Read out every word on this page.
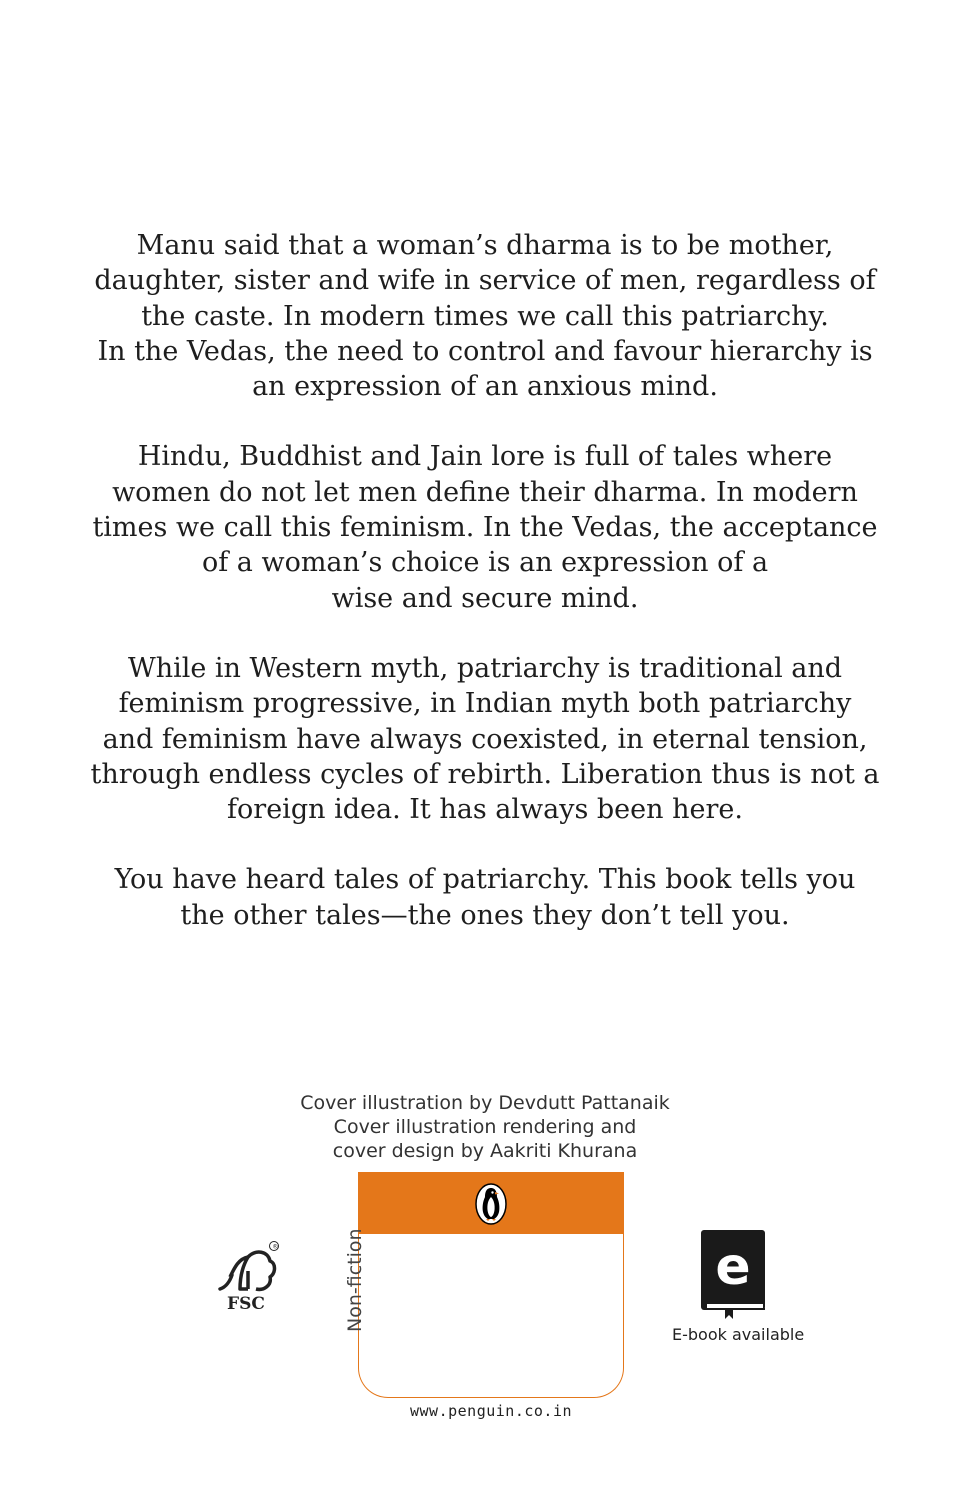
Manu said that a woman’s dharma is to be mother,
daughter, sister and wife in service of men, regardless of
the caste. In modern times we call this patriarchy.
In the Vedas, the need to control and favour hierarchy is
an expression of an anxious mind.

Hindu, Buddhist and Jain lore is full of tales where
women do not let men define their dharma. In modern
times we call this feminism. In the Vedas, the acceptance
of a woman’s choice is an expression of a
wise and secure mind.

While in Western myth, patriarchy is traditional and
feminism progressive, in Indian myth both patriarchy
and feminism have always coexisted, in eternal tension,
through endless cycles of rebirth. Liberation thus is not a
foreign idea. It has always been here.

You have heard tales of patriarchy. This book tells you
the other tales—the ones they don’t tell you.

Cover illustration by Devdutt Pattanaik
Cover illustration rendering and
cover design by Aakriti Khurana
Non-fiction
www.penguin.co.in
®
FSC
e
E-book available
